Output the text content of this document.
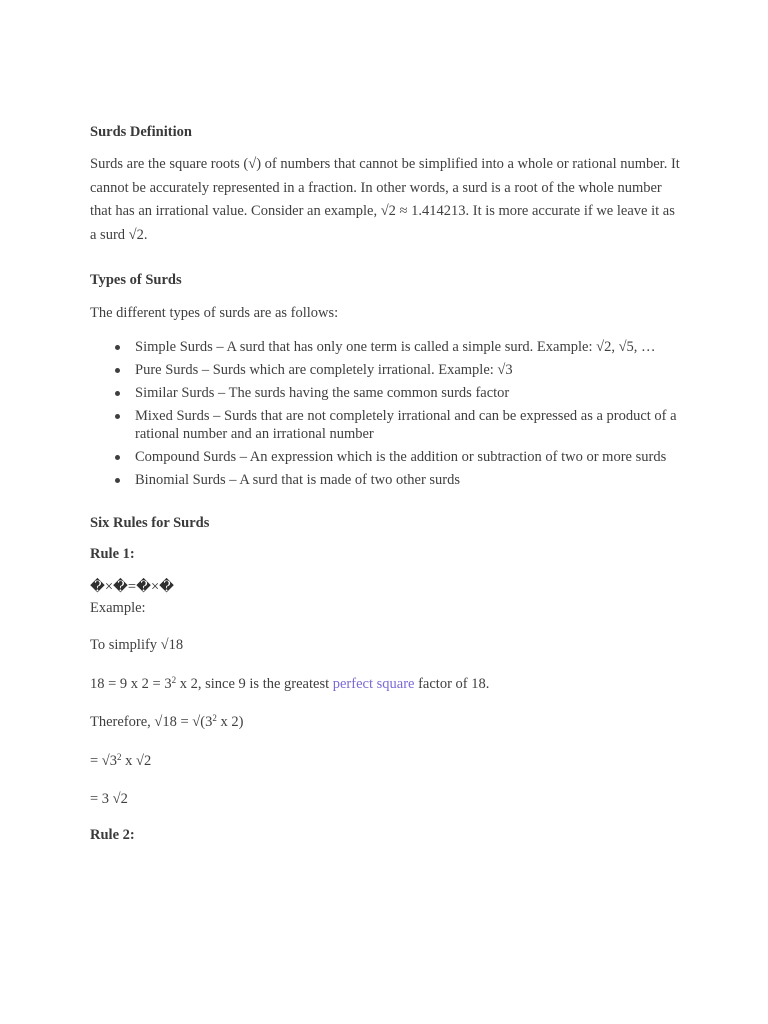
Surds Definition

Surds are the square roots (√) of numbers that cannot be simplified into a whole or rational number. It cannot be accurately represented in a fraction. In other words, a surd is a root of the whole number that has an irrational value. Consider an example, √2 ≈ 1.414213. It is more accurate if we leave it as a surd √2.

Types of Surds

The different types of surds are as follows:

Simple Surds – A surd that has only one term is called a simple surd. Example: √2, √5, …
Pure Surds – Surds which are completely irrational. Example: √3
Similar Surds – The surds having the same common surds factor
Mixed Surds – Surds that are not completely irrational and can be expressed as a product of a rational number and an irrational number
Compound Surds – An expression which is the addition or subtraction of two or more surds
Binomial Surds – A surd that is made of two other surds
Six Rules for Surds
Rule 1:

�×�=�×�

Example:

To simplify √18

18 = 9 x $2 = 3^2$ x 2, since 9 is the greatest perfect square factor of 18.

Therefore, $√18 = √(3^2$ x 2)

= $√3^2$ x √2

= 3 √2

Rule 2:
